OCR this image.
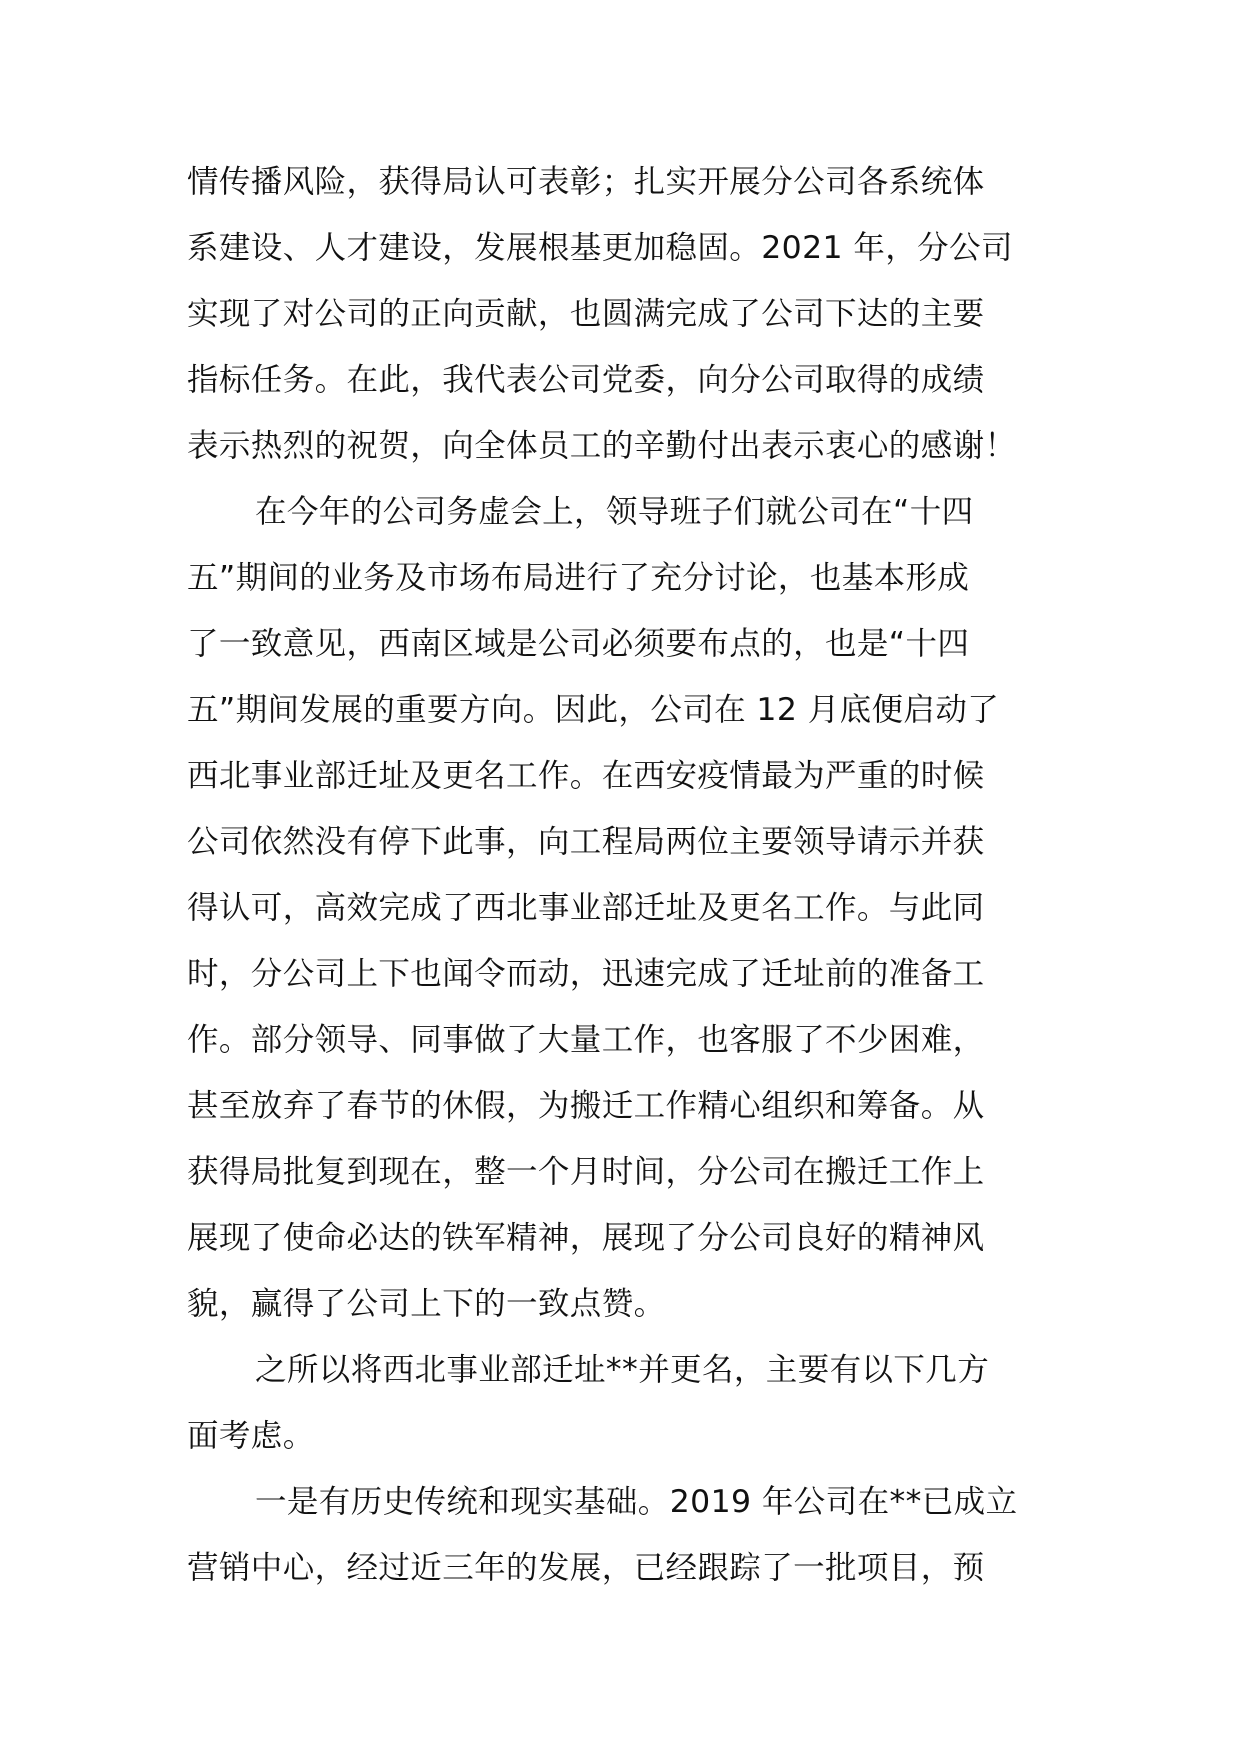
情传播风险，获得局认可表彰；扎实开展分公司各系统体
系建设、人才建设，发展根基更加稳固。2021 年，分公司
实现了对公司的正向贡献，也圆满完成了公司下达的主要
指标任务。在此，我代表公司党委，向分公司取得的成绩
表示热烈的祝贺，向全体员工的辛勤付出表示衷心的感谢！
在今年的公司务虚会上，领导班子们就公司在“十四
五”期间的业务及市场布局进行了充分讨论，也基本形成
了一致意见，西南区域是公司必须要布点的，也是“十四
五”期间发展的重要方向。因此，公司在 12 月底便启动了
西北事业部迁址及更名工作。在西安疫情最为严重的时候
公司依然没有停下此事，向工程局两位主要领导请示并获
得认可，高效完成了西北事业部迁址及更名工作。与此同
时，分公司上下也闻令而动，迅速完成了迁址前的准备工
作。部分领导、同事做了大量工作，也客服了不少困难，
甚至放弃了春节的休假，为搬迁工作精心组织和筹备。从
获得局批复到现在，整一个月时间，分公司在搬迁工作上
展现了使命必达的铁军精神，展现了分公司良好的精神风
貌，赢得了公司上下的一致点赞。
之所以将西北事业部迁址**并更名，主要有以下几方
面考虑。
一是有历史传统和现实基础。2019 年公司在**已成立
营销中心，经过近三年的发展，已经跟踪了一批项目，预
